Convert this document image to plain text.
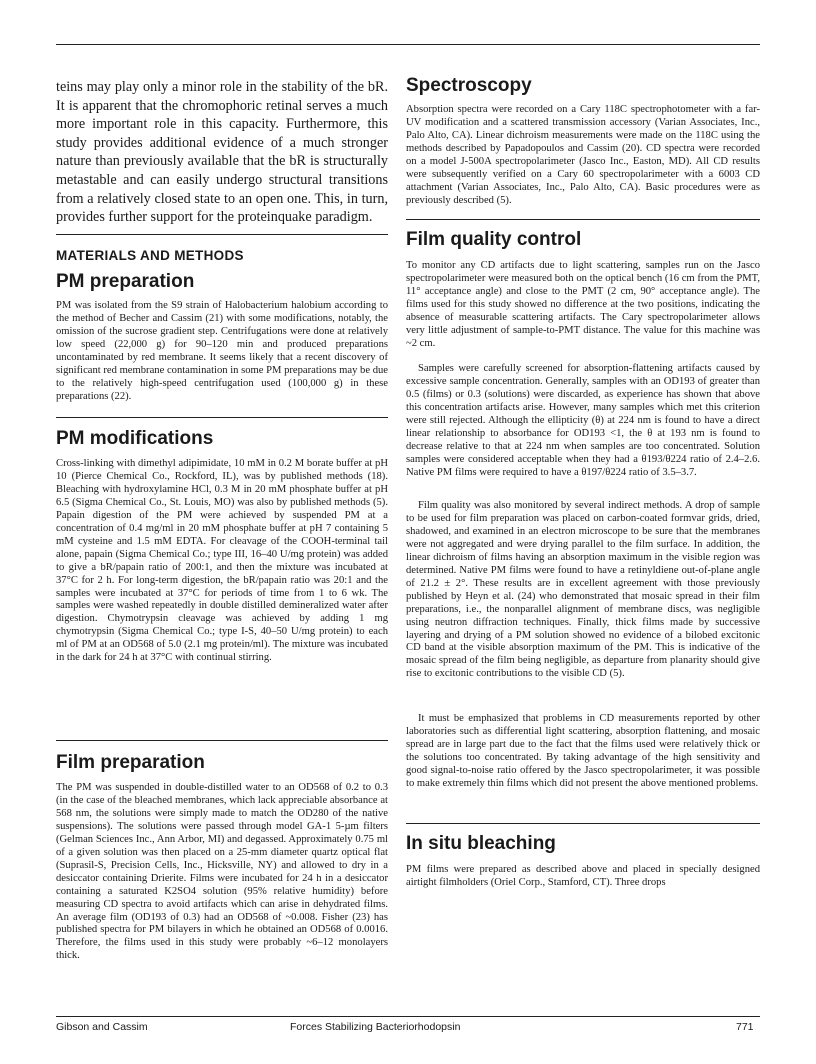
teins may play only a minor role in the stability of the bR. It is apparent that the chromophoric retinal serves a much more important role in this capacity. Furthermore, this study provides additional evidence of a much stronger nature than previously available that the bR is structurally metastable and can easily undergo structural transitions from a relatively closed state to an open one. This, in turn, provides further support for the proteinquake paradigm.

MATERIALS AND METHODS
PM preparation

PM was isolated from the S9 strain of Halobacterium halobium according to the method of Becher and Cassim (21) with some modifications, notably, the omission of the sucrose gradient step. Centrifugations were done at relatively low speed (22,000 g) for 90–120 min and produced preparations uncontaminated by red membrane. It seems likely that a recent discovery of significant red membrane contamination in some PM preparations may be due to the relatively high-speed centrifugation used (100,000 g) in these preparations (22).

PM modifications

Cross-linking with dimethyl adipimidate, 10 mM in 0.2 M borate buffer at pH 10 (Pierce Chemical Co., Rockford, IL), was by published methods (18). Bleaching with hydroxylamine HCl, 0.3 M in 20 mM phosphate buffer at pH 6.5 (Sigma Chemical Co., St. Louis, MO) was also by published methods (5). Papain digestion of the PM were achieved by suspended PM at a concentration of 0.4 mg/ml in 20 mM phosphate buffer at pH 7 containing 5 mM cysteine and 1.5 mM EDTA. For cleavage of the COOH-terminal tail alone, papain (Sigma Chemical Co.; type III, 16–40 U/mg protein) was added to give a bR/papain ratio of 200:1, and then the mixture was incubated at 37°C for 2 h. For long-term digestion, the bR/papain ratio was 20:1 and the samples were incubated at 37°C for periods of time from 1 to 6 wk. The samples were washed repeatedly in double distilled demineralized water after digestion. Chymotrypsin cleavage was achieved by adding 1 mg chymotrypsin (Sigma Chemical Co.; type I-S, 40–50 U/mg protein) to each ml of PM at an OD568 of 5.0 (2.1 mg protein/ml). The mixture was incubated in the dark for 24 h at 37°C with continual stirring.

Film preparation

The PM was suspended in double-distilled water to an OD568 of 0.2 to 0.3 (in the case of the bleached membranes, which lack appreciable absorbance at 568 nm, the solutions were simply made to match the OD280 of the native suspensions). The solutions were passed through model GA-1 5-µm filters (Gelman Sciences Inc., Ann Arbor, MI) and degassed. Approximately 0.75 ml of a given solution was then placed on a 25-mm diameter quartz optical flat (Suprasil-S, Precision Cells, Inc., Hicksville, NY) and allowed to dry in a desiccator containing Drierite. Films were incubated for 24 h in a desiccator containing a saturated K2SO4 solution (95% relative humidity) before measuring CD spectra to avoid artifacts which can arise in dehydrated films. An average film (OD193 of 0.3) had an OD568 of ~0.008. Fisher (23) has published spectra for PM bilayers in which he obtained an OD568 of 0.0016. Therefore, the films used in this study were probably ~6–12 monolayers thick.

Spectroscopy

Absorption spectra were recorded on a Cary 118C spectrophotometer with a far-UV modification and a scattered transmission accessory (Varian Associates, Inc., Palo Alto, CA). Linear dichroism measurements were made on the 118C using the methods described by Papadopoulos and Cassim (20). CD spectra were recorded on a model J-500A spectropolarimeter (Jasco Inc., Easton, MD). All CD results were subsequently verified on a Cary 60 spectropolarimeter with a 6003 CD attachment (Varian Associates, Inc., Palo Alto, CA). Basic procedures were as previously described (5).

Film quality control

To monitor any CD artifacts due to light scattering, samples run on the Jasco spectropolarimeter were measured both on the optical bench (16 cm from the PMT, 11° acceptance angle) and close to the PMT (2 cm, 90° acceptance angle). The films used for this study showed no difference at the two positions, indicating the absence of measurable scattering artifacts. The Cary spectropolarimeter allows very little adjustment of sample-to-PMT distance. The value for this machine was ~2 cm.

Samples were carefully screened for absorption-flattening artifacts caused by excessive sample concentration. Generally, samples with an OD193 of greater than 0.5 (films) or 0.3 (solutions) were discarded, as experience has shown that above this concentration artifacts arise. However, many samples which met this criterion were still rejected. Although the ellipticity (θ) at 224 nm is found to have a direct linear relationship to absorbance for OD193 <1, the θ at 193 nm is found to decrease relative to that at 224 nm when samples are too concentrated. Solution samples were considered acceptable when they had a θ193/θ224 ratio of 2.4–2.6. Native PM films were required to have a θ197/θ224 ratio of 3.5–3.7.

Film quality was also monitored by several indirect methods. A drop of sample to be used for film preparation was placed on carbon-coated formvar grids, dried, shadowed, and examined in an electron microscope to be sure that the membranes were not aggregated and were drying parallel to the film surface. In addition, the linear dichroism of films having an absorption maximum in the visible region was determined. Native PM films were found to have a retinyldiene out-of-plane angle of 21.2 ± 2°. These results are in excellent agreement with those previously published by Heyn et al. (24) who demonstrated that mosaic spread in their film preparations, i.e., the nonparallel alignment of membrane discs, was negligible using neutron diffraction techniques. Finally, thick films made by successive layering and drying of a PM solution showed no evidence of a bilobed excitonic CD band at the visible absorption maximum of the PM. This is indicative of the mosaic spread of the film being negligible, as departure from planarity should give rise to excitonic contributions to the visible CD (5).

It must be emphasized that problems in CD measurements reported by other laboratories such as differential light scattering, absorption flattening, and mosaic spread are in large part due to the fact that the films used were relatively thick or the solutions too concentrated. By taking advantage of the high sensitivity and good signal-to-noise ratio offered by the Jasco spectropolarimeter, it was possible to make extremely thin films which did not present the above mentioned problems.

In situ bleaching

PM films were prepared as described above and placed in specially designed airtight filmholders (Oriel Corp., Stamford, CT). Three drops

Gibson and Cassim	Forces Stabilizing Bacteriorhodopsin	771
